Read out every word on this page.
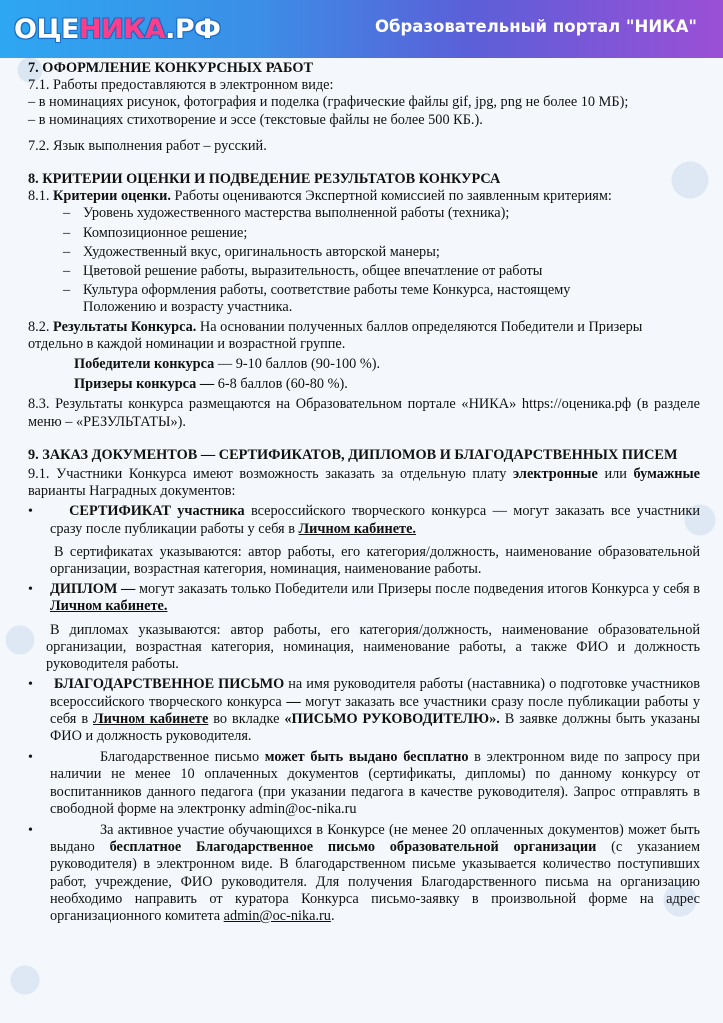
ОЦЕ НИКА .РФ	Образовательный портал "НИКА"

7. ОФОРМЛЕНИЕ КОНКУРСНЫХ РАБОТ

7.1. Работы предоставляются в электронном виде:

– в номинациях рисунок, фотография и поделка (графические файлы gif, jpg, png не более 10 МБ);

– в номинациях стихотворение и эссе (текстовые файлы не более 500 КБ.).

7.2. Язык выполнения работ – русский.

8. КРИТЕРИИ ОЦЕНКИ И ПОДВЕДЕНИЕ РЕЗУЛЬТАТОВ КОНКУРСА

8.1. Критерии оценки. Работы оцениваются Экспертной комиссией по заявленным критериям:

– Уровень художественного мастерства выполненной работы (техника);

– Композиционное решение;

– Художественный вкус, оригинальность авторской манеры;

– Цветовой решение работы, выразительность, общее впечатление от работы

– Культура оформления работы, соответствие работы теме Конкурса, настоящему

Положению и возрасту участника.

8.2. Результаты Конкурса. На основании полученных баллов определяются Победители и Призеры отдельно в каждой номинации и возрастной группе.

Победители конкурса — 9-10 баллов (90-100 %).

Призеры конкурса — 6-8 баллов (60-80 %).

8.3. Результаты конкурса размещаются на Образовательном портале «НИКА» https://оценика.рф (в разделе меню – «РЕЗУЛЬТАТЫ»).

9. ЗАКАЗ ДОКУМЕНТОВ — СЕРТИФИКАТОВ, ДИПЛОМОВ И БЛАГОДАРСТВЕННЫХ ПИСЕМ

9.1. Участники Конкурса имеют возможность заказать за отдельную плату электронные или бумажные варианты Наградных документов:

•	СЕРТИФИКАТ участника всероссийского творческого конкурса — могут заказать все участники сразу после публикации работы у себя в Личном кабинете.

В сертификатах указываются: автор работы, его категория/должность, наименование образовательной организации, возрастная категория, номинация, наименование работы.

• ДИПЛОМ — могут заказать только Победители или Призеры после подведения итогов Конкурса у себя в Личном кабинете.

В дипломах указываются: автор работы, его категория/должность, наименование образовательной организации, возрастная категория, номинация, наименование работы, а также ФИО и должность руководителя работы.

• БЛАГОДАРСТВЕННОЕ ПИСЬМО на имя руководителя работы (наставника) о подготовке участников всероссийского творческого конкурса — могут заказать все участники сразу после публикации работы у себя в Личном кабинете во вкладке «ПИСЬМО РУКОВОДИТЕЛЮ». В заявке должны быть указаны ФИО и должность руководителя.

•	Благодарственное письмо может быть выдано бесплатно в электронном виде по запросу при наличии не менее 10 оплаченных документов (сертификаты, дипломы) по данному конкурсу от воспитанников данного педагога (при указании педагога в качестве руководителя). Запрос отправлять в свободной форме на электронку admin@oc-nika.ru

•	За активное участие обучающихся в Конкурсе (не менее 20 оплаченных документов) может быть выдано бесплатное Благодарственное письмо образовательной организации (с указанием руководителя) в электронном виде. В благодарственном письме указывается количество поступивших работ, учреждение, ФИО руководителя. Для получения Благодарственного письма на организацию необходимо направить от куратора Конкурса письмо-заявку в произвольной форме на адрес организационного комитета admin@oc-nika.ru.
